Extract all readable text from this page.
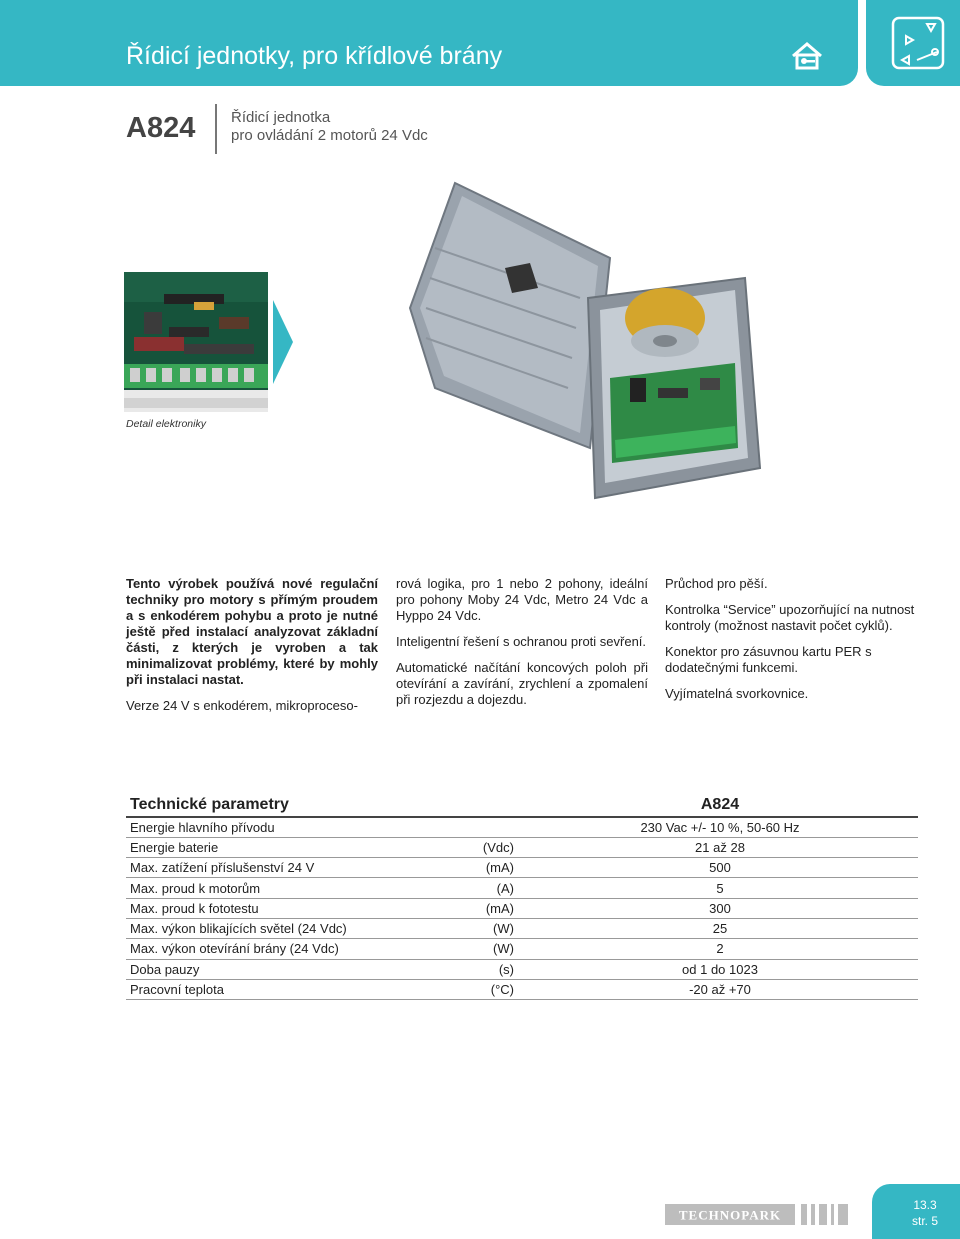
Řídicí jednotky, pro křídlové brány
A824 Řídicí jednotka
pro ovládání 2 motorů 24 Vdc
Detail elektroniky

Tento výrobek používá nové regulační techniky pro motory s přímým proudem a s enkodérem pohybu a proto je nutné ještě před instalací analyzovat základní části, z kterých je vyroben a tak minimalizovat problémy, které by mohly při instalaci nastat.

Verze 24 V s enkodérem, mikroproceso-

rová logika, pro 1 nebo 2 pohony, ideální pro pohony Moby 24 Vdc, Metro 24 Vdc a Hyppo 24 Vdc.

Inteligentní řešení s ochranou proti sevření.

Automatické načítání koncových poloh při otevírání a zavírání, zrychlení a zpomalení při rozjezdu a dojezdu.

Průchod pro pěší.

Kontrolka “Service” upozorňující na nutnost kontroly (možnost nastavit počet cyklů).

Konektor pro zásuvnou kartu PER s dodatečnými funkcemi.

Vyjímatelná svorkovnice.

Technické parametry		A824
Energie hlavního přívodu		230 Vac +/- 10 %, 50-60 Hz
Energie baterie	(Vdc)	21 až 28
Max. zatížení příslušenství 24 V	(mA)	500
Max. proud k motorům	(A)	5
Max. proud k fototestu	(mA)	300
Max. výkon blikajících světel (24 Vdc)	(W)	25
Max. výkon otevírání brány (24 Vdc)	(W)	2
Doba pauzy	(s)	od 1 do 1023
Pracovní teplota	(°C)	-20 až +70
TECHNOPARK
13.3
str. 5
